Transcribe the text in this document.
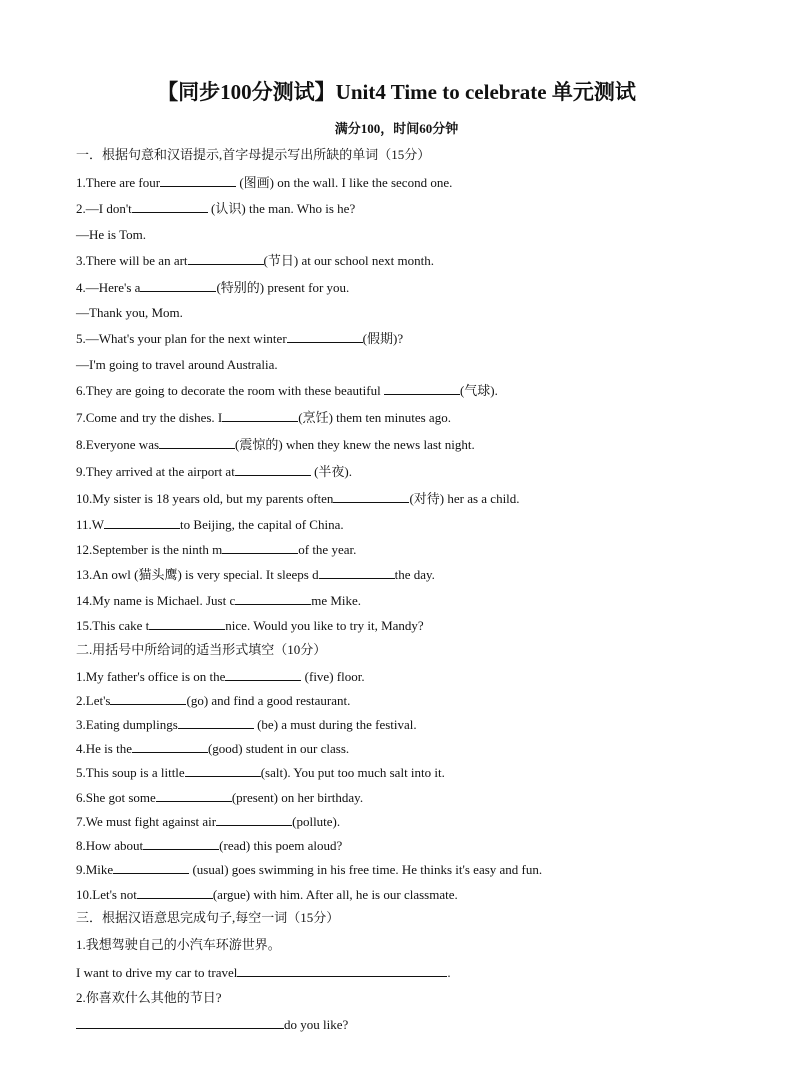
【同步100分测试】Unit4 Time to celebrate 单元测试
满分100，时间60分钟
一．根据句意和汉语提示,首字母提示写出所缺的单词（15分）
1.There are four	(图画) on the wall. I like the second one.
2.—I don't	(认识) the man. Who is he?
—He is Tom.
3.There will be an art	(节日) at our school next month.
4.—Here's a	(特别的) present for you.
—Thank you, Mom.
5.—What's your plan for the next winter	(假期)?
—I'm going to travel around Australia.
6.They are going to decorate the room with these beautiful	(气球).
7.Come and try the dishes. I	(烹饪) them ten minutes ago.
8.Everyone was	(震惊的) when they knew the news last night.
9.They arrived at the airport at	(半夜).
10.My sister is 18 years old, but my parents often	(对待) her as a child.
11.W	to Beijing, the capital of China.
12.September is the ninth m	of the year.
13.An owl (猫头鹰) is very special. It sleeps d	the day.
14.My name is Michael. Just c	me Mike.
15.This cake t	nice. Would you like to try it, Mandy?
二.用括号中所给词的适当形式填空（10分）
1.My father's office is on the	(five) floor.
2.Let's	(go) and find a good restaurant.
3.Eating dumplings	(be) a must during the festival.
4.He is the	(good) student in our class.
5.This soup is a little	(salt). You put too much salt into it.
6.She got some	(present) on her birthday.
7.We must fight against air	(pollute).
8.How about	(read) this poem aloud?
9.Mike	(usual) goes swimming in his free time. He thinks it's easy and fun.
10.Let's not	(argue) with him. After all, he is our classmate.
三．根据汉语意思完成句子,每空一词（15分）
1.我想驾驶自己的小汽车环游世界。
I want to drive my car to travel	.
2.你喜欢什么其他的节日?
do you like?
